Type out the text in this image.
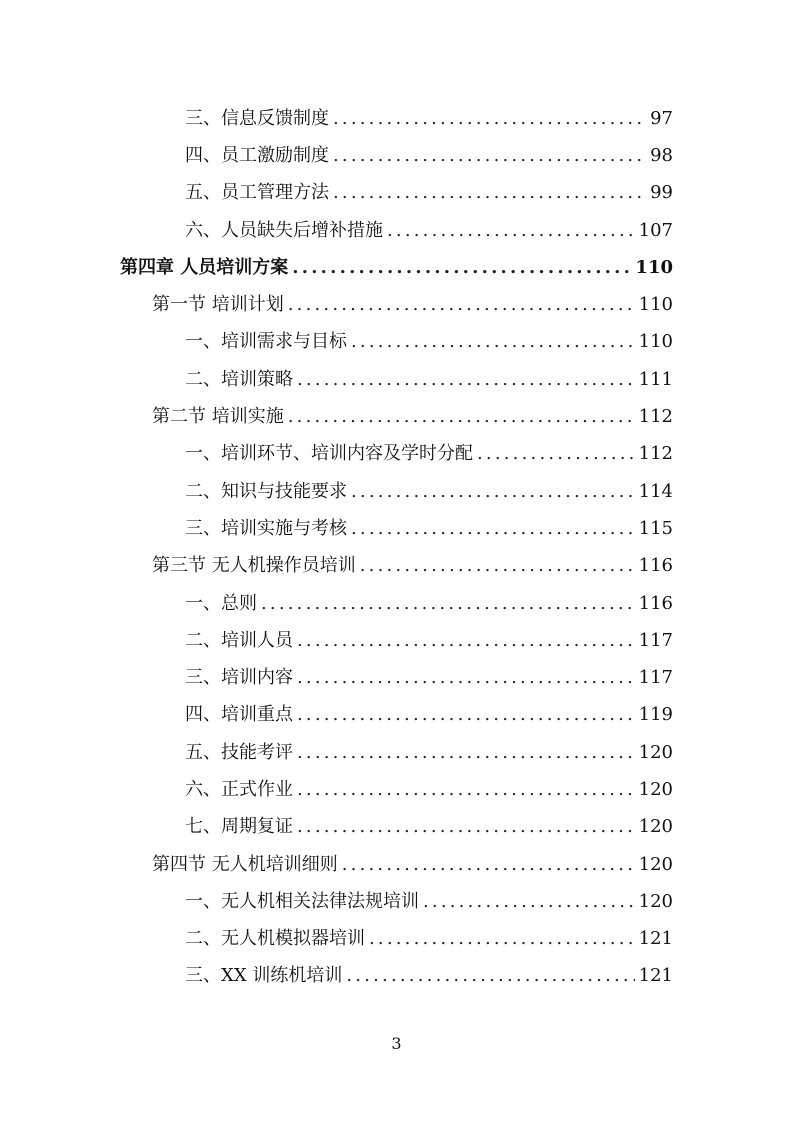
三、信息反馈制度 .....	97
四、员工激励制度 .....	98
五、员工管理方法 .....	99
六、人员缺失后增补措施 .....	107
第四章 人员培训方案 .....	110
第一节 培训计划 .....	110
一、培训需求与目标 .....	110
二、培训策略 .....	111
第二节 培训实施 .....	112
一、培训环节、培训内容及学时分配 .....	112
二、知识与技能要求 .....	114
三、培训实施与考核 .....	115
第三节 无人机操作员培训 .....	116
一、总则 .....	116
二、培训人员 .....	117
三、培训内容 .....	117
四、培训重点 .....	119
五、技能考评 .....	120
六、正式作业 .....	120
七、周期复证 .....	120
第四节 无人机培训细则 .....	120
一、无人机相关法律法规培训 .....	120
二、无人机模拟器培训 .....	121
三、XX 训练机培训 .....	121
3
